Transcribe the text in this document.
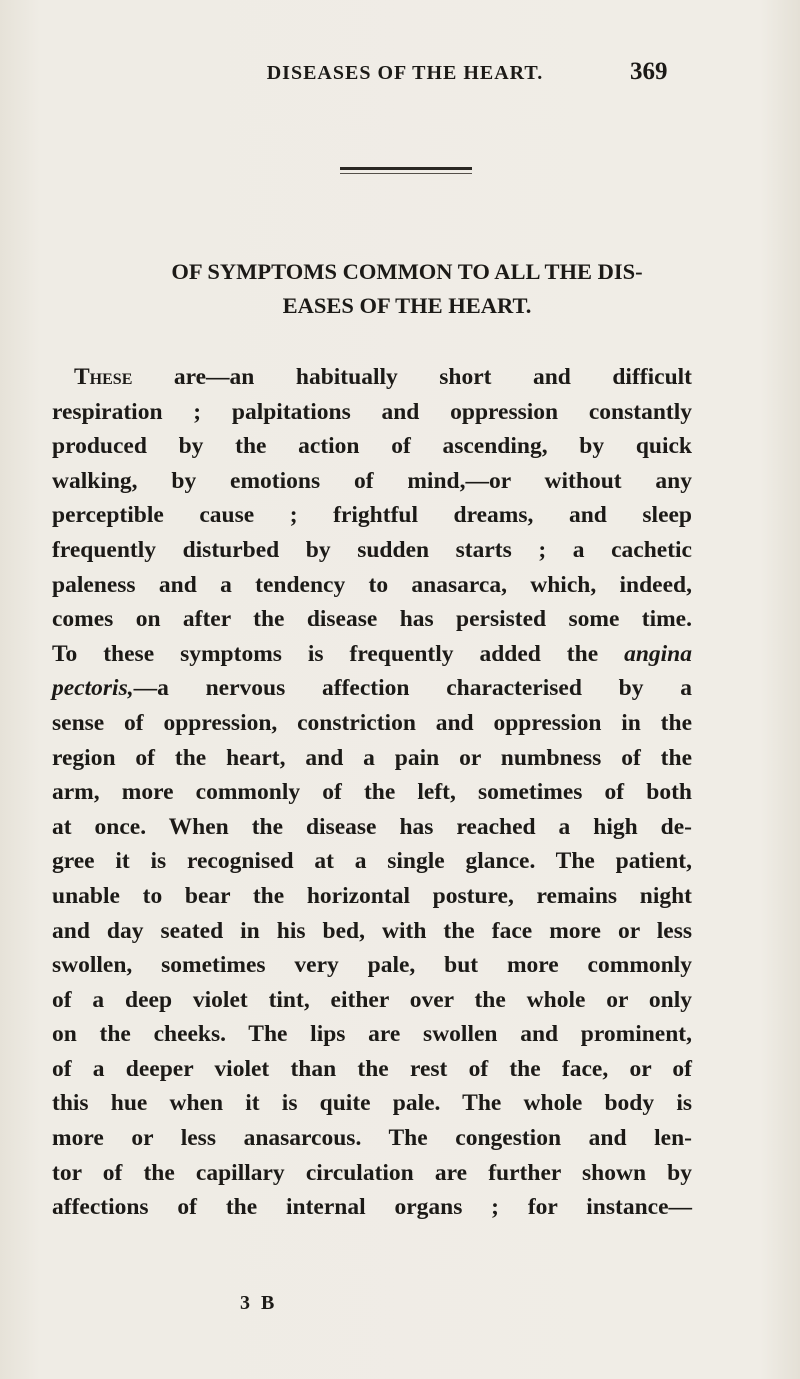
DISEASES OF THE HEART.	369
OF SYMPTOMS COMMON TO ALL THE DIS-
EASES OF THE HEART.
These are—an habitually short and difficult
respiration ; palpitations and oppression constantly
produced by the action of ascending, by quick
walking, by emotions of mind,—or without any
perceptible cause ; frightful dreams, and sleep
frequently disturbed by sudden starts ; a cachetic
paleness and a tendency to anasarca, which, indeed,
comes on after the disease has persisted some time.
To these symptoms is frequently added the angina
pectoris,—a nervous affection characterised by a
sense of oppression, constriction and oppression in the
region of the heart, and a pain or numbness of the
arm, more commonly of the left, sometimes of both
at once. When the disease has reached a high de-
gree it is recognised at a single glance. The patient,
unable to bear the horizontal posture, remains night
and day seated in his bed, with the face more or less
swollen, sometimes very pale, but more commonly
of a deep violet tint, either over the whole or only
on the cheeks. The lips are swollen and prominent,
of a deeper violet than the rest of the face, or of
this hue when it is quite pale. The whole body is
more or less anasarcous. The congestion and len-
tor of the capillary circulation are further shown by
affections of the internal organs ; for instance—
3 B
